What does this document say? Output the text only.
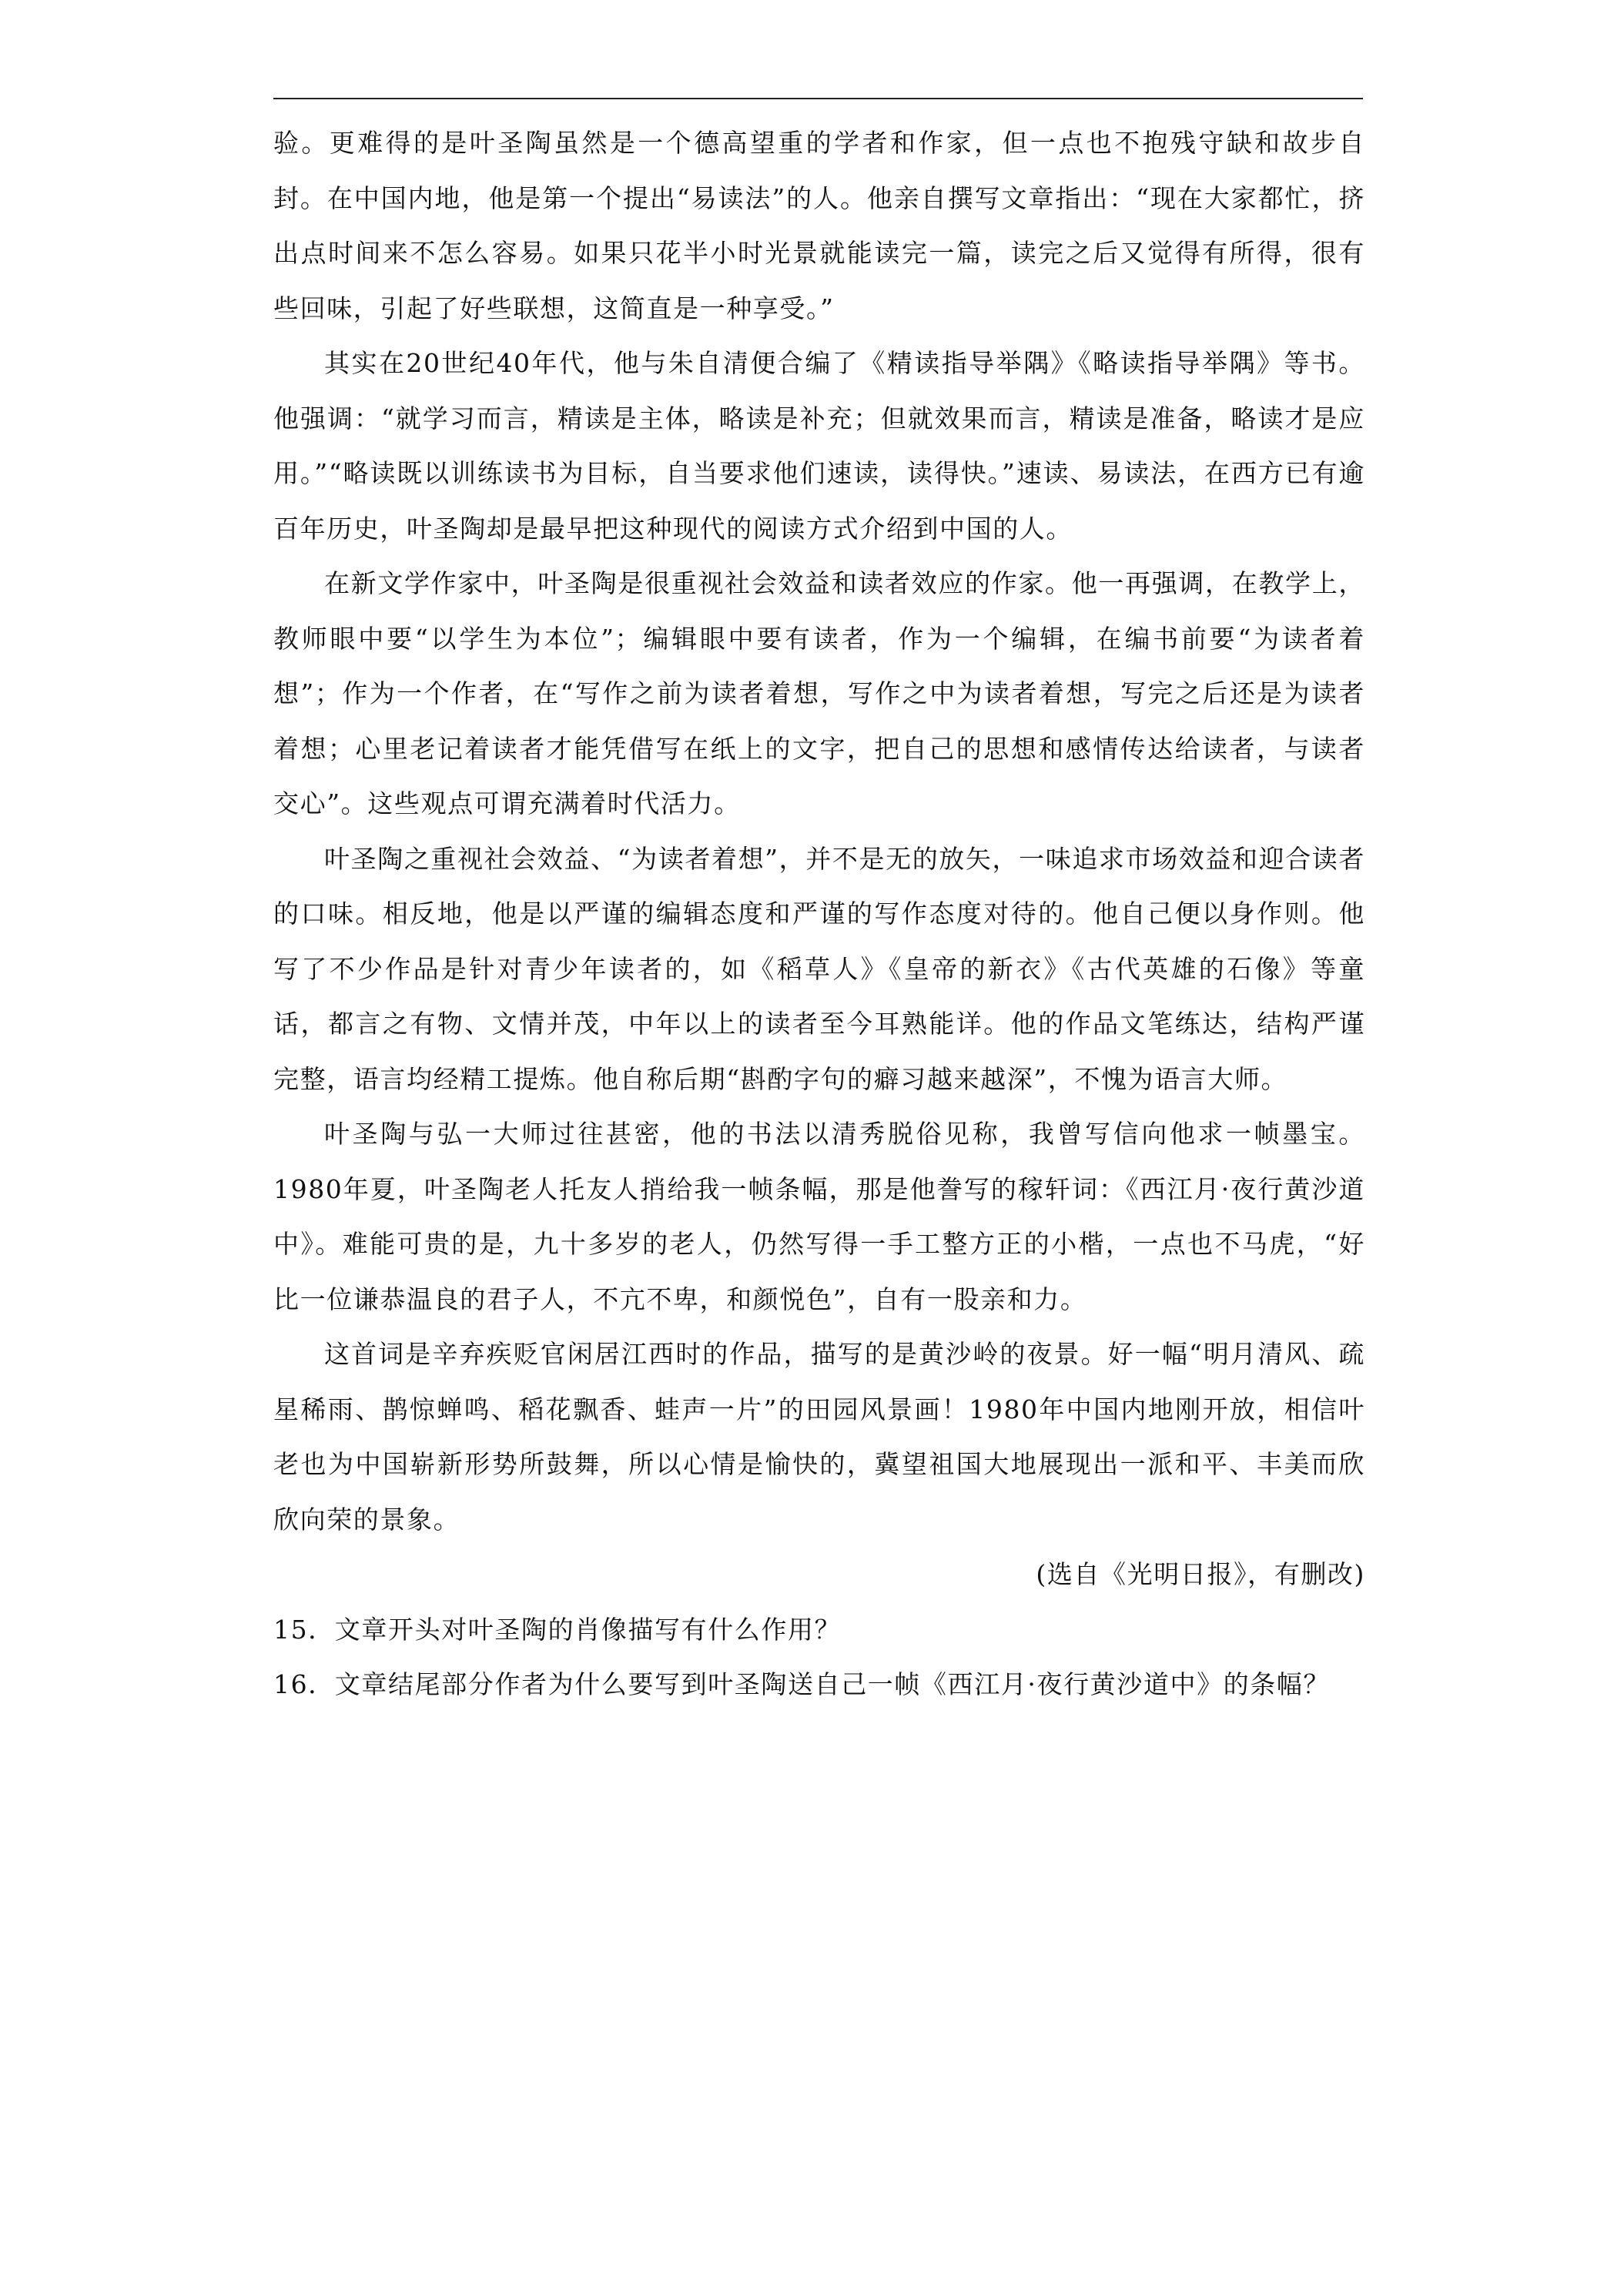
验。更难得的是叶圣陶虽然是一个德高望重的学者和作家，但一点也不抱残守缺和故步自封。在中国内地，他是第一个提出“易读法”的人。他亲自撰写文章指出：“现在大家都忙，挤出点时间来不怎么容易。如果只花半小时光景就能读完一篇，读完之后又觉得有所得，很有些回味，引起了好些联想，这简直是一种享受。”

其实在20世纪40年代，他与朱自清便合编了《精读指导举隅》《略读指导举隅》等书。他强调：“就学习而言，精读是主体，略读是补充；但就效果而言，精读是准备，略读才是应用。”“略读既以训练读书为目标，自当要求他们速读，读得快。”速读、易读法，在西方已有逾百年历史，叶圣陶却是最早把这种现代的阅读方式介绍到中国的人。

在新文学作家中，叶圣陶是很重视社会效益和读者效应的作家。他一再强调，在教学上，教师眼中要“以学生为本位”；编辑眼中要有读者，作为一个编辑，在编书前要“为读者着想”；作为一个作者，在“写作之前为读者着想，写作之中为读者着想，写完之后还是为读者着想；心里老记着读者才能凭借写在纸上的文字，把自己的思想和感情传达给读者，与读者交心”。这些观点可谓充满着时代活力。

叶圣陶之重视社会效益、“为读者着想”，并不是无的放矢，一味追求市场效益和迎合读者的口味。相反地，他是以严谨的编辑态度和严谨的写作态度对待的。他自己便以身作则。他写了不少作品是针对青少年读者的，如《稻草人》《皇帝的新衣》《古代英雄的石像》等童话，都言之有物、文情并茂，中年以上的读者至今耳熟能详。他的作品文笔练达，结构严谨完整，语言均经精工提炼。他自称后期“斟酌字句的癖习越来越深”，不愧为语言大师。

叶圣陶与弘一大师过往甚密，他的书法以清秀脱俗见称，我曾写信向他求一帧墨宝。1980年夏，叶圣陶老人托友人捎给我一帧条幅，那是他誊写的稼轩词：《西江月·夜行黄沙道中》。难能可贵的是，九十多岁的老人，仍然写得一手工整方正的小楷，一点也不马虎，“好比一位谦恭温良的君子人，不亢不卑，和颜悦色”，自有一股亲和力。

这首词是辛弃疾贬官闲居江西时的作品，描写的是黄沙岭的夜景。好一幅“明月清风、疏星稀雨、鹊惊蝉鸣、稻花飘香、蛙声一片”的田园风景画！1980年中国内地刚开放，相信叶老也为中国崭新形势所鼓舞，所以心情是愉快的，冀望祖国大地展现出一派和平、丰美而欣欣向荣的景象。

(选自《光明日报》，有删改)

15．文章开头对叶圣陶的肖像描写有什么作用？

16．文章结尾部分作者为什么要写到叶圣陶送自己一帧《西江月·夜行黄沙道中》的条幅？
